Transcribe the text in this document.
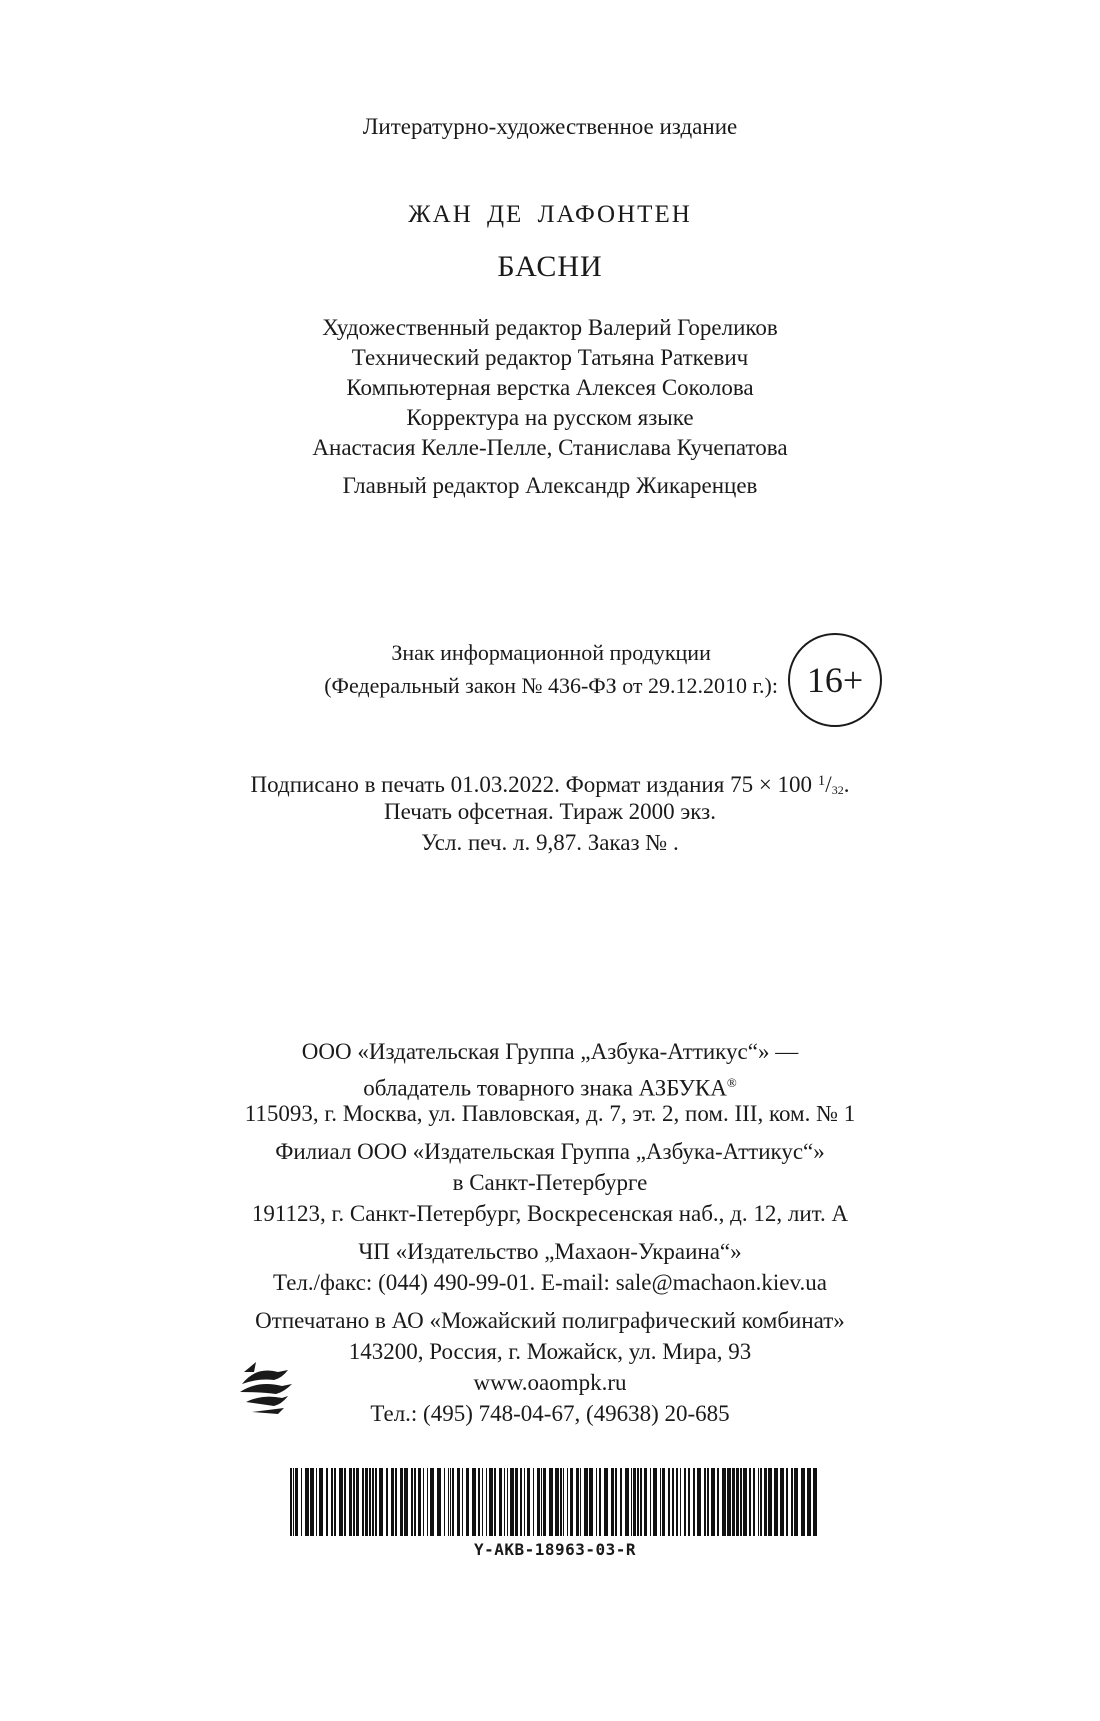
Литературно-художественное издание
ЖАН ДЕ ЛАФОНТЕН
БАСНИ
Художественный редактор Валерий Гореликов
Технический редактор Татьяна Раткевич
Компьютерная верстка Алексея Соколова
Корректура на русском языке
Анастасия Келле-Пелле, Станислава Кучепатова
Главный редактор Александр Жикаренцев
Знак информационной продукции
(Федеральный закон № 436-ФЗ от 29.12.2010 г.): 16+
Подписано в печать 01.03.2022. Формат издания 75 × 100 $^1/_{32}$.
Печать офсетная. Тираж 2000 экз.
Усл. печ. л. 9,87. Заказ № .
ООО «Издательская Группа „Азбука-Аттикус“» —
обладатель товарного знака АЗБУКА®
115093, г. Москва, ул. Павловская, д. 7, эт. 2, пом. III, ком. № 1
Филиал ООО «Издательская Группа „Азбука-Аттикус“»
в Санкт-Петербурге
191123, г. Санкт-Петербург, Воскресенская наб., д. 12, лит. А
ЧП «Издательство „Махаон-Украина“»
Тел./факс: (044) 490-99-01. E-mail: sale@machaon.kiev.ua
Отпечатано в АО «Можайский полиграфический комбинат»
143200, Россия, г. Можайск, ул. Мира, 93
www.oaompk.ru
Тел.: (495) 748-04-67, (49638) 20-685
Y-AKB-18963-03-R
